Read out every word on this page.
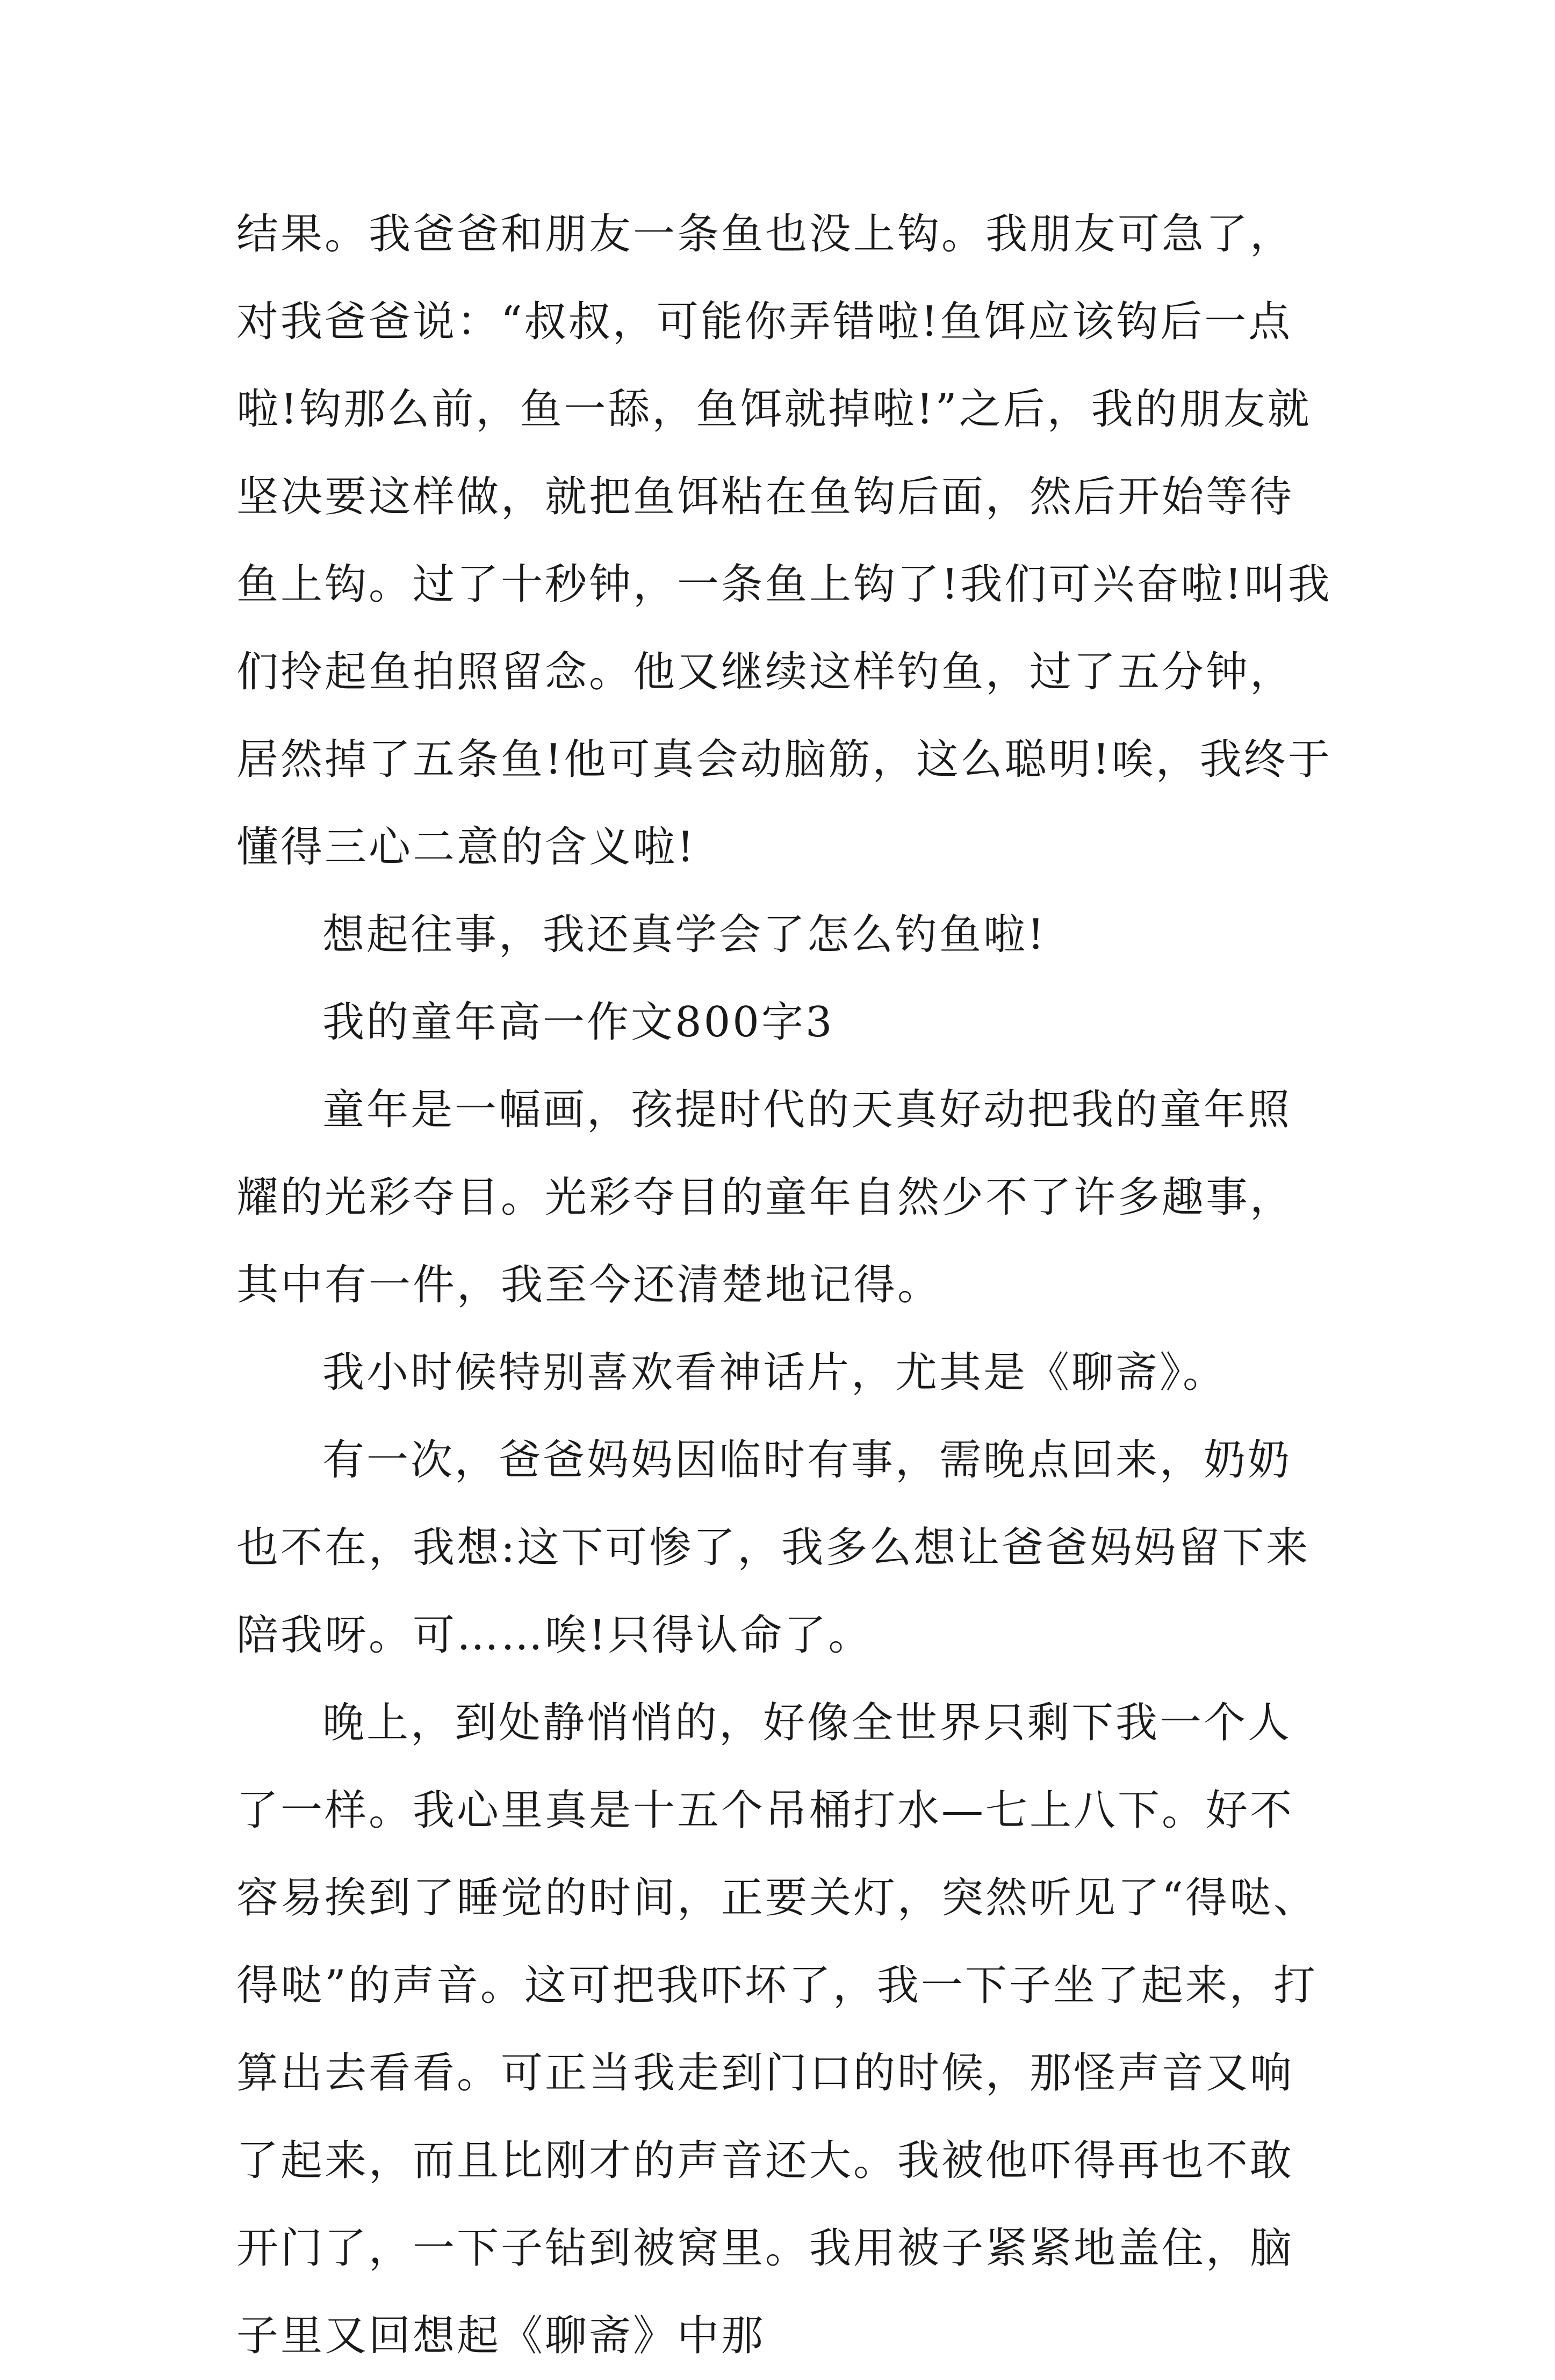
结果。我爸爸和朋友一条鱼也没上钩。我朋友可急了，对我爸爸说：“叔叔，可能你弄错啦!鱼饵应该钩后一点啦!钩那么前，鱼一舔，鱼饵就掉啦!”之后，我的朋友就坚决要这样做，就把鱼饵粘在鱼钩后面，然后开始等待鱼上钩。过了十秒钟，一条鱼上钩了!我们可兴奋啦!叫我们拎起鱼拍照留念。他又继续这样钓鱼，过了五分钟，居然掉了五条鱼!他可真会动脑筋，这么聪明!唉，我终于懂得三心二意的含义啦!

想起往事，我还真学会了怎么钓鱼啦!

我的童年高一作文800字3

童年是一幅画，孩提时代的天真好动把我的童年照耀的光彩夺目。光彩夺目的童年自然少不了许多趣事，其中有一件，我至今还清楚地记得。

我小时候特别喜欢看神话片，尤其是《聊斋》。

有一次，爸爸妈妈因临时有事，需晚点回来，奶奶也不在，我想:这下可惨了，我多么想让爸爸妈妈留下来陪我呀。可……唉!只得认命了。

晚上，到处静悄悄的，好像全世界只剩下我一个人了一样。我心里真是十五个吊桶打水—七上八下。好不容易挨到了睡觉的时间，正要关灯，突然听见了“得哒、得哒”的声音。这可把我吓坏了，我一下子坐了起来，打算出去看看。可正当我走到门口的时候，那怪声音又响了起来，而且比刚才的声音还大。我被他吓得再也不敢开门了，一下子钻到被窝里。我用被子紧紧地盖住，脑子里又回想起《聊斋》中那
